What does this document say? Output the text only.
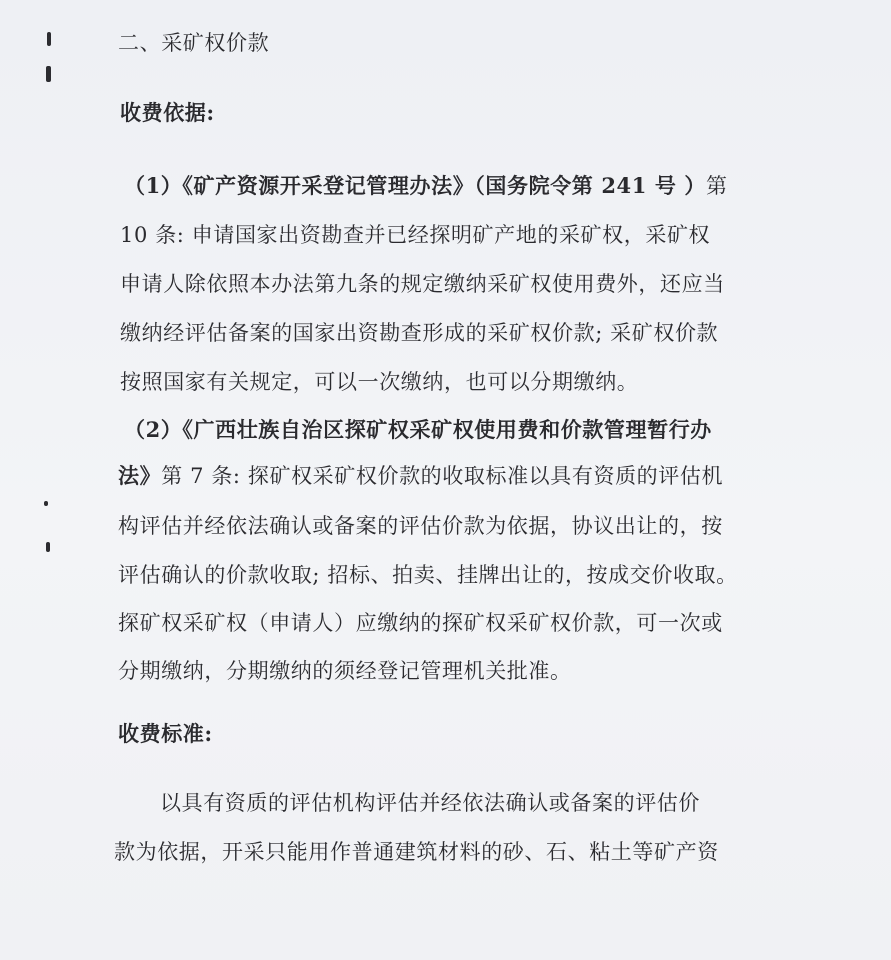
二、采矿权价款
收费依据:
（1）《矿产资源开采登记管理办法》（国务院令第 241 号 ）第
10 条: 申请国家出资勘查并已经探明矿产地的采矿权，采矿权
申请人除依照本办法第九条的规定缴纳采矿权使用费外，还应当
缴纳经评估备案的国家出资勘查形成的采矿权价款; 采矿权价款
按照国家有关规定，可以一次缴纳，也可以分期缴纳。
（2）《广西壮族自治区探矿权采矿权使用费和价款管理暂行办
法》第 7 条: 探矿权采矿权价款的收取标准以具有资质的评估机
构评估并经依法确认或备案的评估价款为依据，协议出让的，按
评估确认的价款收取; 招标、拍卖、挂牌出让的，按成交价收取。
探矿权采矿权（申请人）应缴纳的探矿权采矿权价款，可一次或
分期缴纳，分期缴纳的须经登记管理机关批准。
收费标准:
以具有资质的评估机构评估并经依法确认或备案的评估价
款为依据，开采只能用作普通建筑材料的砂、石、粘土等矿产资
